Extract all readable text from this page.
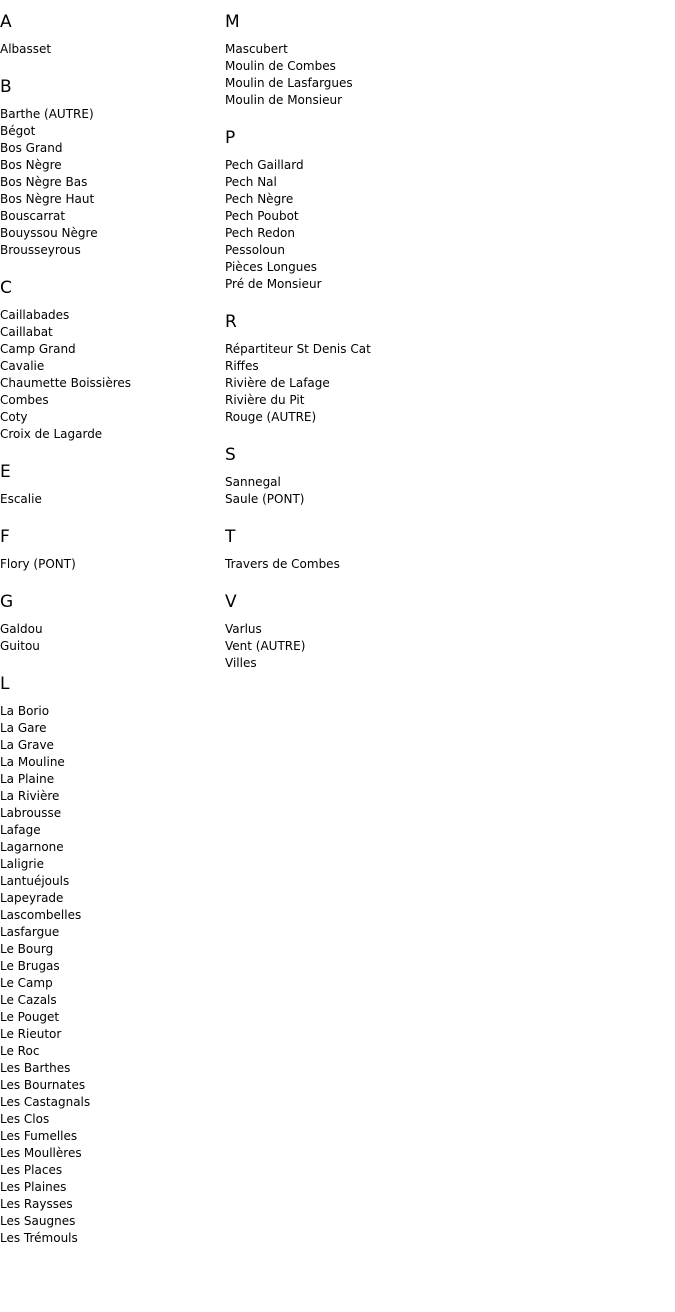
A
Albasset
B
Barthe (AUTRE)
Bégot
Bos Grand
Bos Nègre
Bos Nègre Bas
Bos Nègre Haut
Bouscarrat
Bouyssou Nègre
Brousseyrous
C
Caillabades
Caillabat
Camp Grand
Cavalie
Chaumette Boissières
Combes
Coty
Croix de Lagarde
E
Escalie
F
Flory (PONT)
G
Galdou
Guitou
L
La Borio
La Gare
La Grave
La Mouline
La Plaine
La Rivière
Labrousse
Lafage
Lagarnone
Laligrie
Lantuéjouls
Lapeyrade
Lascombelles
Lasfargue
Le Bourg
Le Brugas
Le Camp
Le Cazals
Le Pouget
Le Rieutor
Le Roc
Les Barthes
Les Bournates
Les Castagnals
Les Clos
Les Fumelles
Les Moullères
Les Places
Les Plaines
Les Raysses
Les Saugnes
Les Trémouls
M
Mascubert
Moulin de Combes
Moulin de Lasfargues
Moulin de Monsieur
P
Pech Gaillard
Pech Nal
Pech Nègre
Pech Poubot
Pech Redon
Pessoloun
Pièces Longues
Pré de Monsieur
R
Répartiteur St Denis Cat
Riffes
Rivière de Lafage
Rivière du Pit
Rouge (AUTRE)
S
Sannegal
Saule (PONT)
T
Travers de Combes
V
Varlus
Vent (AUTRE)
Villes
